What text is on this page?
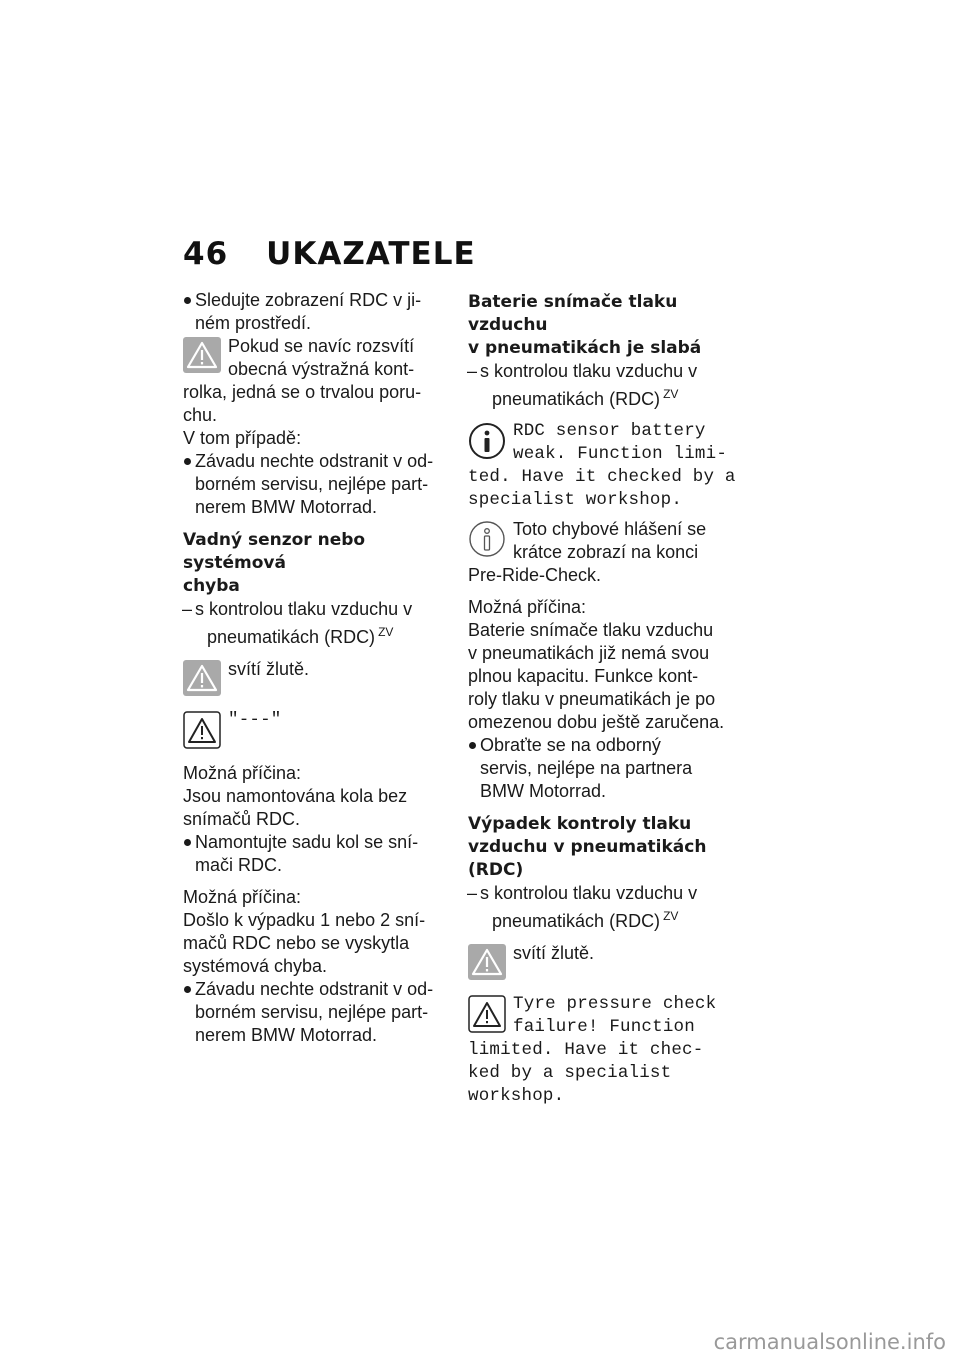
46 UKAZATELE
Sledujte zobrazení RDC v ji-
ném prostředí.
Pokud se navíc rozsvítí
obecná výstražná kont-
rolka, jedná se o trvalou poru-
chu.
V tom případě:
Závadu nechte odstranit v od-
borném servisu, nejlépe part-
nerem BMW Motorrad.
Vadný senzor nebo systémová
chyba
– s kontrolou tlaku vzduchu v
pneumatikách (RDC) $^{ZV}$
svítí žlutě.
"---"
Možná příčina:
Jsou namontována kola bez
snímačů RDC.
Namontujte sadu kol se sní-
mači RDC.
Možná příčina:
Došlo k výpadku 1 nebo 2 sní-
mačů RDC nebo se vyskytla
systémová chyba.
Závadu nechte odstranit v od-
borném servisu, nejlépe part-
nerem BMW Motorrad.
Baterie snímače tlaku vzduchu
v pneumatikách je slabá
– s kontrolou tlaku vzduchu v
pneumatikách (RDC) $^{ZV}$
RDC sensor battery
weak. Function limi-
ted. Have it checked by a
specialist workshop.
Toto chybové hlášení se
krátce zobrazí na konci
Pre-Ride-Check.
Možná příčina:
Baterie snímače tlaku vzduchu
v pneumatikách již nemá svou
plnou kapacitu. Funkce kont-
roly tlaku v pneumatikách je po
omezenou dobu ještě zaručena.
Obraťte se na odborný
servis, nejlépe na partnera
BMW Motorrad.
Výpadek kontroly tlaku
vzduchu v pneumatikách
(RDC)
– s kontrolou tlaku vzduchu v
pneumatikách (RDC) $^{ZV}$
svítí žlutě.
Tyre pressure check
failure! Function
limited. Have it chec-
ked by a specialist
workshop.
carmanualsonline.info
